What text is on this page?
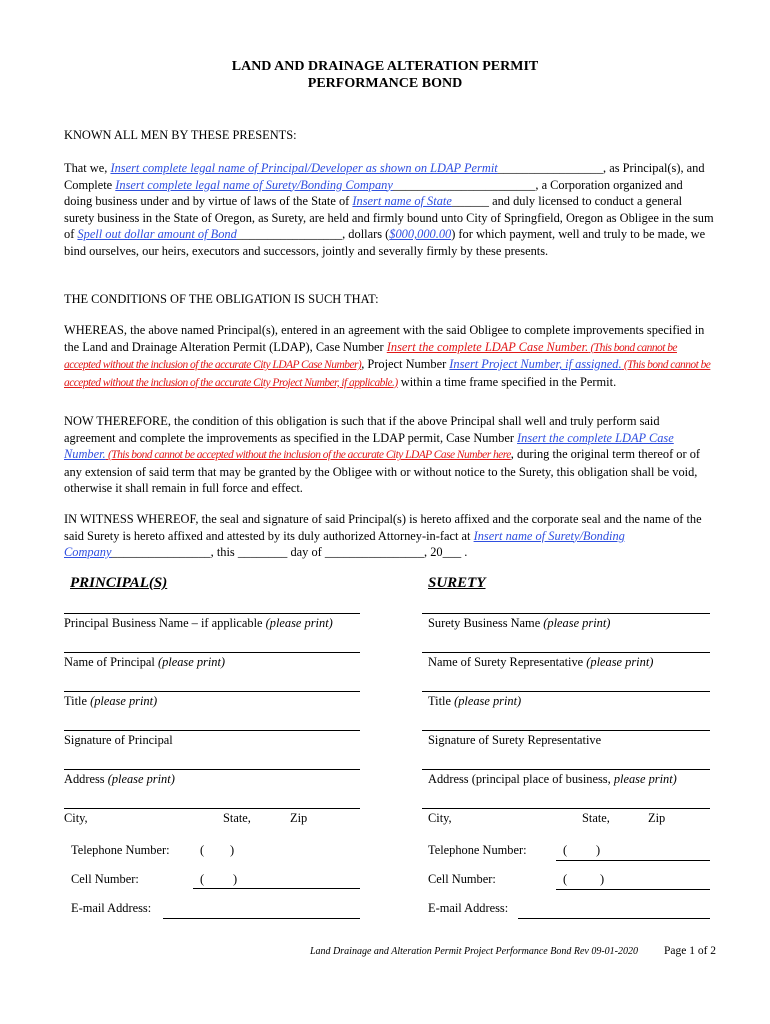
LAND AND DRAINAGE ALTERATION PERMIT
PERFORMANCE BOND
KNOWN ALL MEN BY THESE PRESENTS:
That we, Insert complete legal name of Principal/Developer as shown on LDAP Permit_________________, as Principal(s), and Complete Insert complete legal name of Surety/Bonding Company_______________________, a Corporation organized and doing business under and by virtue of laws of the State of Insert name of State______ and duly licensed to conduct a general surety business in the State of Oregon, as Surety, are held and firmly bound unto City of Springfield, Oregon as Obligee in the sum of Spell out dollar amount of Bond_________________, dollars ($000,000.00) for which payment, well and truly to be made, we bind ourselves, our heirs, executors and successors, jointly and severally firmly by these presents.
THE CONDITIONS OF THE OBLIGATION IS SUCH THAT:
WHEREAS, the above named Principal(s), entered in an agreement with the said Obligee to complete improvements specified in the Land and Drainage Alteration Permit (LDAP), Case Number Insert the complete LDAP Case Number. (This bond cannot be accepted without the inclusion of the accurate City LDAP Case Number), Project Number Insert Project Number, if assigned. (This bond cannot be accepted without the inclusion of the accurate City Project Number, if applicable.) within a time frame specified in the Permit.
NOW THEREFORE, the condition of this obligation is such that if the above Principal shall well and truly perform said agreement and complete the improvements as specified in the LDAP permit, Case Number Insert the complete LDAP Case Number. (This bond cannot be accepted without the inclusion of the accurate City LDAP Case Number here, during the original term thereof or of any extension of said term that may be granted by the Obligee with or without notice to the Surety, this obligation shall be void, otherwise it shall remain in full force and effect.
IN WITNESS WHEREOF, the seal and signature of said Principal(s) is hereto affixed and the corporate seal and the name of the said Surety is hereto affixed and attested by its duly authorized Attorney-in-fact at Insert name of Surety/Bonding Company________________, this ________ day of ________________, 20___ .
PRINCIPAL(S)
Principal Business Name – if applicable (please print)
Name of Principal (please print)
Title (please print)
Signature of Principal
Address (please print)
City,	State,	Zip
Telephone Number: ( )
Cell Number:	( )
E-mail Address:
SURETY
Surety Business Name (please print)
Name of Surety Representative (please print)
Title (please print)
Signature of Surety Representative
Address (principal place of business, please print)
City,	State,	Zip
Telephone Number:	( )
Cell Number:	(	)
E-mail Address:
Land Drainage and Alteration Permit Project Performance Bond Rev 09-01-2020 Page 1 of 2
